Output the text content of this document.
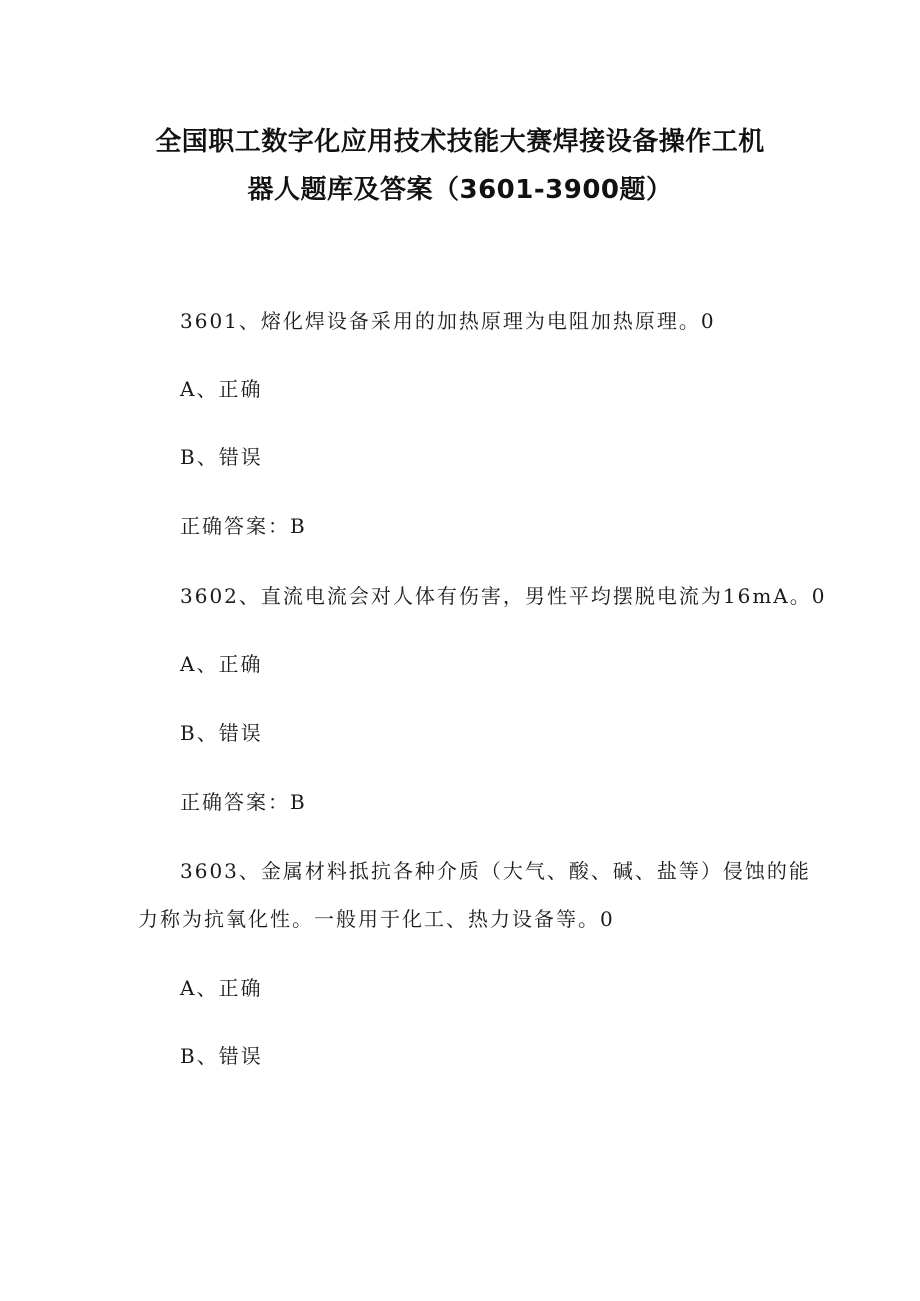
全国职工数字化应用技术技能大赛焊接设备操作工机
器人题库及答案（3601-3900题）
3601、熔化焊设备采用的加热原理为电阻加热原理。0
A、正确
B、错误
正确答案：B
3602、直流电流会对人体有伤害，男性平均摆脱电流为16mA。0
A、正确
B、错误
正确答案：B
3603、金属材料抵抗各种介质（大气、酸、碱、盐等）侵蚀的能
力称为抗氧化性。一般用于化工、热力设备等。0
A、正确
B、错误
